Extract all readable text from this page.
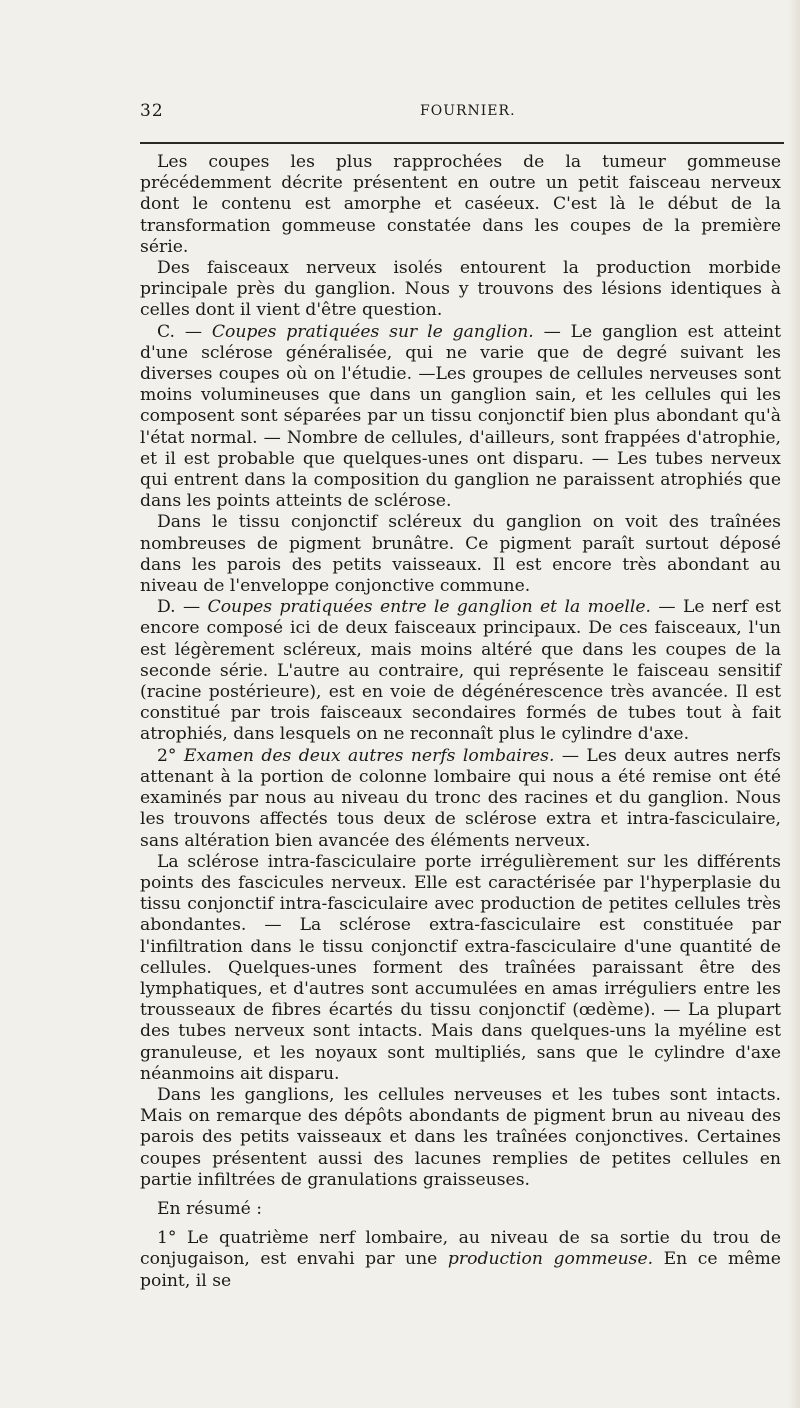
32	FOURNIER.

Les coupes les plus rapprochées de la tumeur gommeuse précédemment décrite présentent en outre un petit faisceau nerveux dont le contenu est amorphe et caséeux. C'est là le début de la transformation gommeuse constatée dans les coupes de la première série.

Des faisceaux nerveux isolés entourent la production morbide principale près du ganglion. Nous y trouvons des lésions identiques à celles dont il vient d'être question.

C. — Coupes pratiquées sur le ganglion. — Le ganglion est atteint d'une sclérose généralisée, qui ne varie que de degré suivant les diverses coupes où on l'étudie. —Les groupes de cellules nerveuses sont moins volumineuses que dans un ganglion sain, et les cellules qui les composent sont séparées par un tissu conjonctif bien plus abondant qu'à l'état normal. — Nombre de cellules, d'ailleurs, sont frappées d'atrophie, et il est probable que quelques-unes ont disparu. — Les tubes nerveux qui entrent dans la composition du ganglion ne paraissent atrophiés que dans les points atteints de sclérose.

Dans le tissu conjonctif scléreux du ganglion on voit des traînées nombreuses de pigment brunâtre. Ce pigment paraît surtout déposé dans les parois des petits vaisseaux. Il est encore très abondant au niveau de l'enveloppe conjonctive commune.

D. — Coupes pratiquées entre le ganglion et la moelle. — Le nerf est encore composé ici de deux faisceaux principaux. De ces faisceaux, l'un est légèrement scléreux, mais moins altéré que dans les coupes de la seconde série. L'autre au contraire, qui représente le faisceau sensitif (racine postérieure), est en voie de dégénérescence très avancée. Il est constitué par trois faisceaux secondaires formés de tubes tout à fait atrophiés, dans lesquels on ne reconnaît plus le cylindre d'axe.

2° Examen des deux autres nerfs lombaires. — Les deux autres nerfs attenant à la portion de colonne lombaire qui nous a été remise ont été examinés par nous au niveau du tronc des racines et du ganglion. Nous les trouvons affectés tous deux de sclérose extra et intra-fasciculaire, sans altération bien avancée des éléments nerveux.

La sclérose intra-fasciculaire porte irrégulièrement sur les différents points des fascicules nerveux. Elle est caractérisée par l'hyperplasie du tissu conjonctif intra-fasciculaire avec production de petites cellules très abondantes. — La sclérose extra-fasciculaire est constituée par l'infiltration dans le tissu conjonctif extra-fasciculaire d'une quantité de cellules. Quelques-unes forment des traînées paraissant être des lymphatiques, et d'autres sont accumulées en amas irréguliers entre les trousseaux de fibres écartés du tissu conjonctif (œdème). — La plupart des tubes nerveux sont intacts. Mais dans quelques-uns la myéline est granuleuse, et les noyaux sont multipliés, sans que le cylindre d'axe néanmoins ait disparu.

Dans les ganglions, les cellules nerveuses et les tubes sont intacts. Mais on remarque des dépôts abondants de pigment brun au niveau des parois des petits vaisseaux et dans les traînées conjonctives. Certaines coupes présentent aussi des lacunes remplies de petites cellules en partie infiltrées de granulations graisseuses.

En résumé :

1° Le quatrième nerf lombaire, au niveau de sa sortie du trou de conjugaison, est envahi par une production gommeuse. En ce même point, il se
